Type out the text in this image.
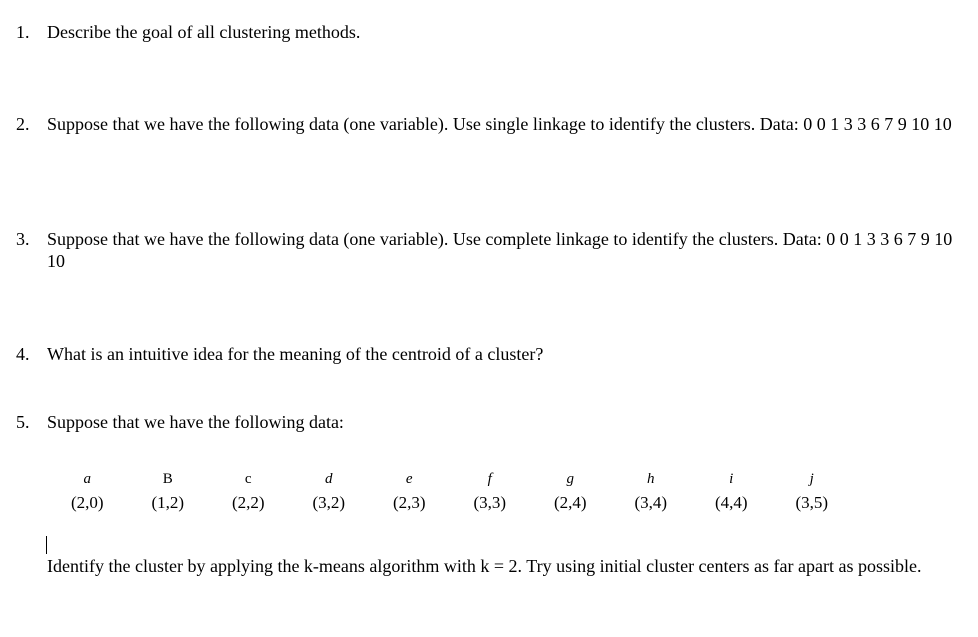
1. Describe the goal of all clustering methods.
2. Suppose that we have the following data (one variable). Use single linkage to identify the clusters. Data: 0 0 1 3 3 6 7 9 10 10
3. Suppose that we have the following data (one variable). Use complete linkage to identify the clusters. Data: 0 0 1 3 3 6 7 9 10 10
4. What is an intuitive idea for the meaning of the centroid of a cluster?
5. Suppose that we have the following data:
a	B	c	d	e	f	g	h	i	j
(2,0)	(1,2)	(2,2)	(3,2)	(2,3)	(3,3)	(2,4)	(3,4)	(4,4)	(3,5)
Identify the cluster by applying the k-means algorithm with k = 2. Try using initial cluster centers as far apart as possible.
